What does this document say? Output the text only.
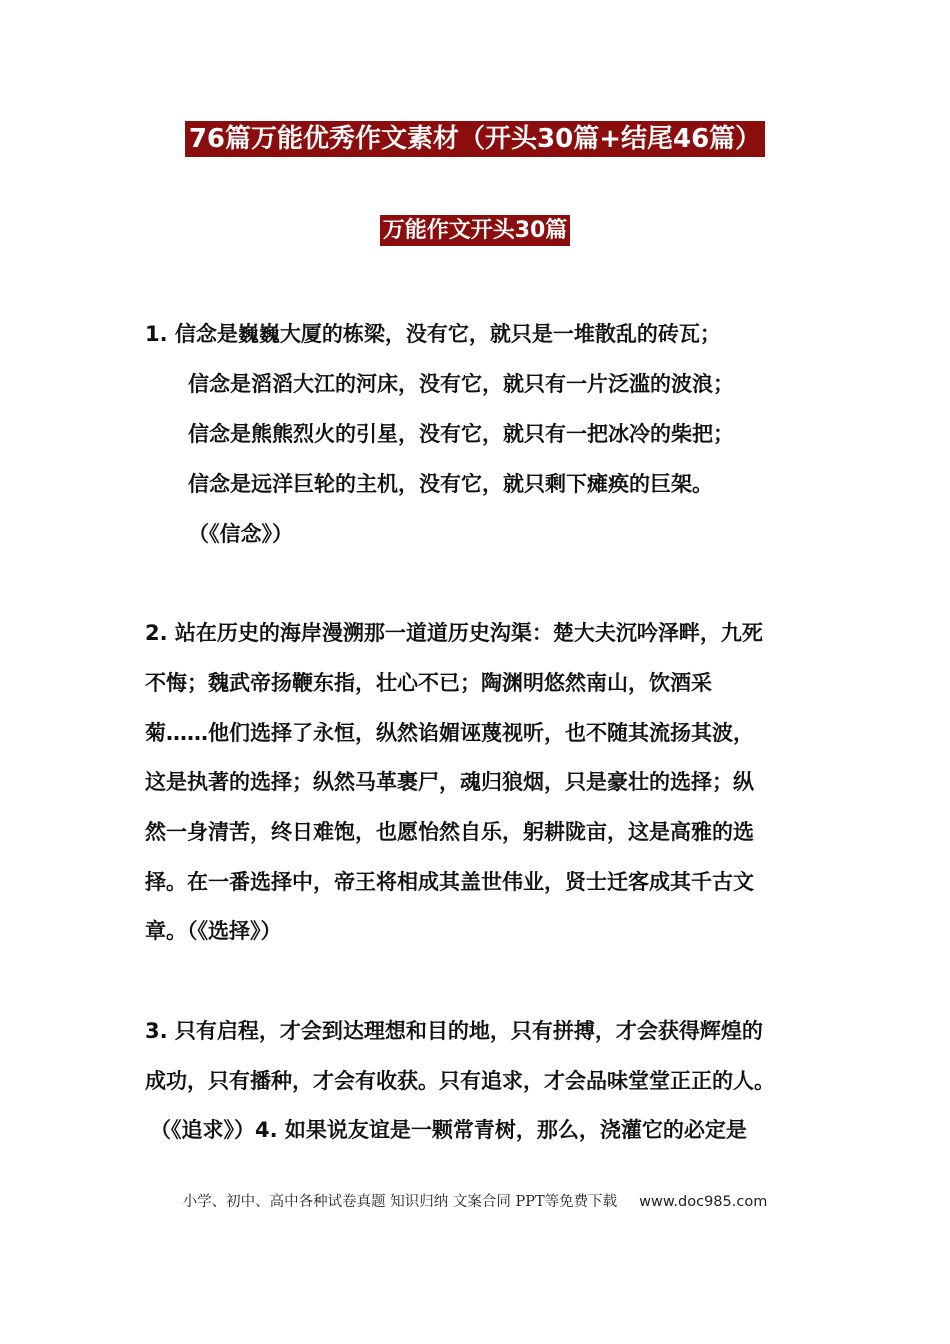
76篇万能优秀作文素材（开头30篇+结尾46篇）
万能作文开头30篇
1. 信念是巍巍大厦的栋梁，没有它，就只是一堆散乱的砖瓦；
信念是滔滔大江的河床，没有它，就只有一片泛滥的波浪；
信念是熊熊烈火的引星，没有它，就只有一把冰冷的柴把；
信念是远洋巨轮的主机，没有它，就只剩下瘫痪的巨架。
（《信念》）
2. 站在历史的海岸漫溯那一道道历史沟渠：楚大夫沉吟泽畔，九死
不悔；魏武帝扬鞭东指，壮心不已；陶渊明悠然南山，饮酒采
菊……他们选择了永恒，纵然谄媚诬蔑视听，也不随其流扬其波，
这是执著的选择；纵然马革裹尸，魂归狼烟，只是豪壮的选择；纵
然一身清苦，终日难饱，也愿怡然自乐，躬耕陇亩，这是高雅的选
择。在一番选择中，帝王将相成其盖世伟业，贤士迁客成其千古文
章。（《选择》）
3. 只有启程，才会到达理想和目的地，只有拼搏，才会获得辉煌的
成功，只有播种，才会有收获。只有追求，才会品味堂堂正正的人。
（《追求》）4. 如果说友谊是一颗常青树，那么，浇灌它的必定是
小学、初中、高中各种试卷真题 知识归纳 文案合同 PPT等免费下载 www.doc985.com
